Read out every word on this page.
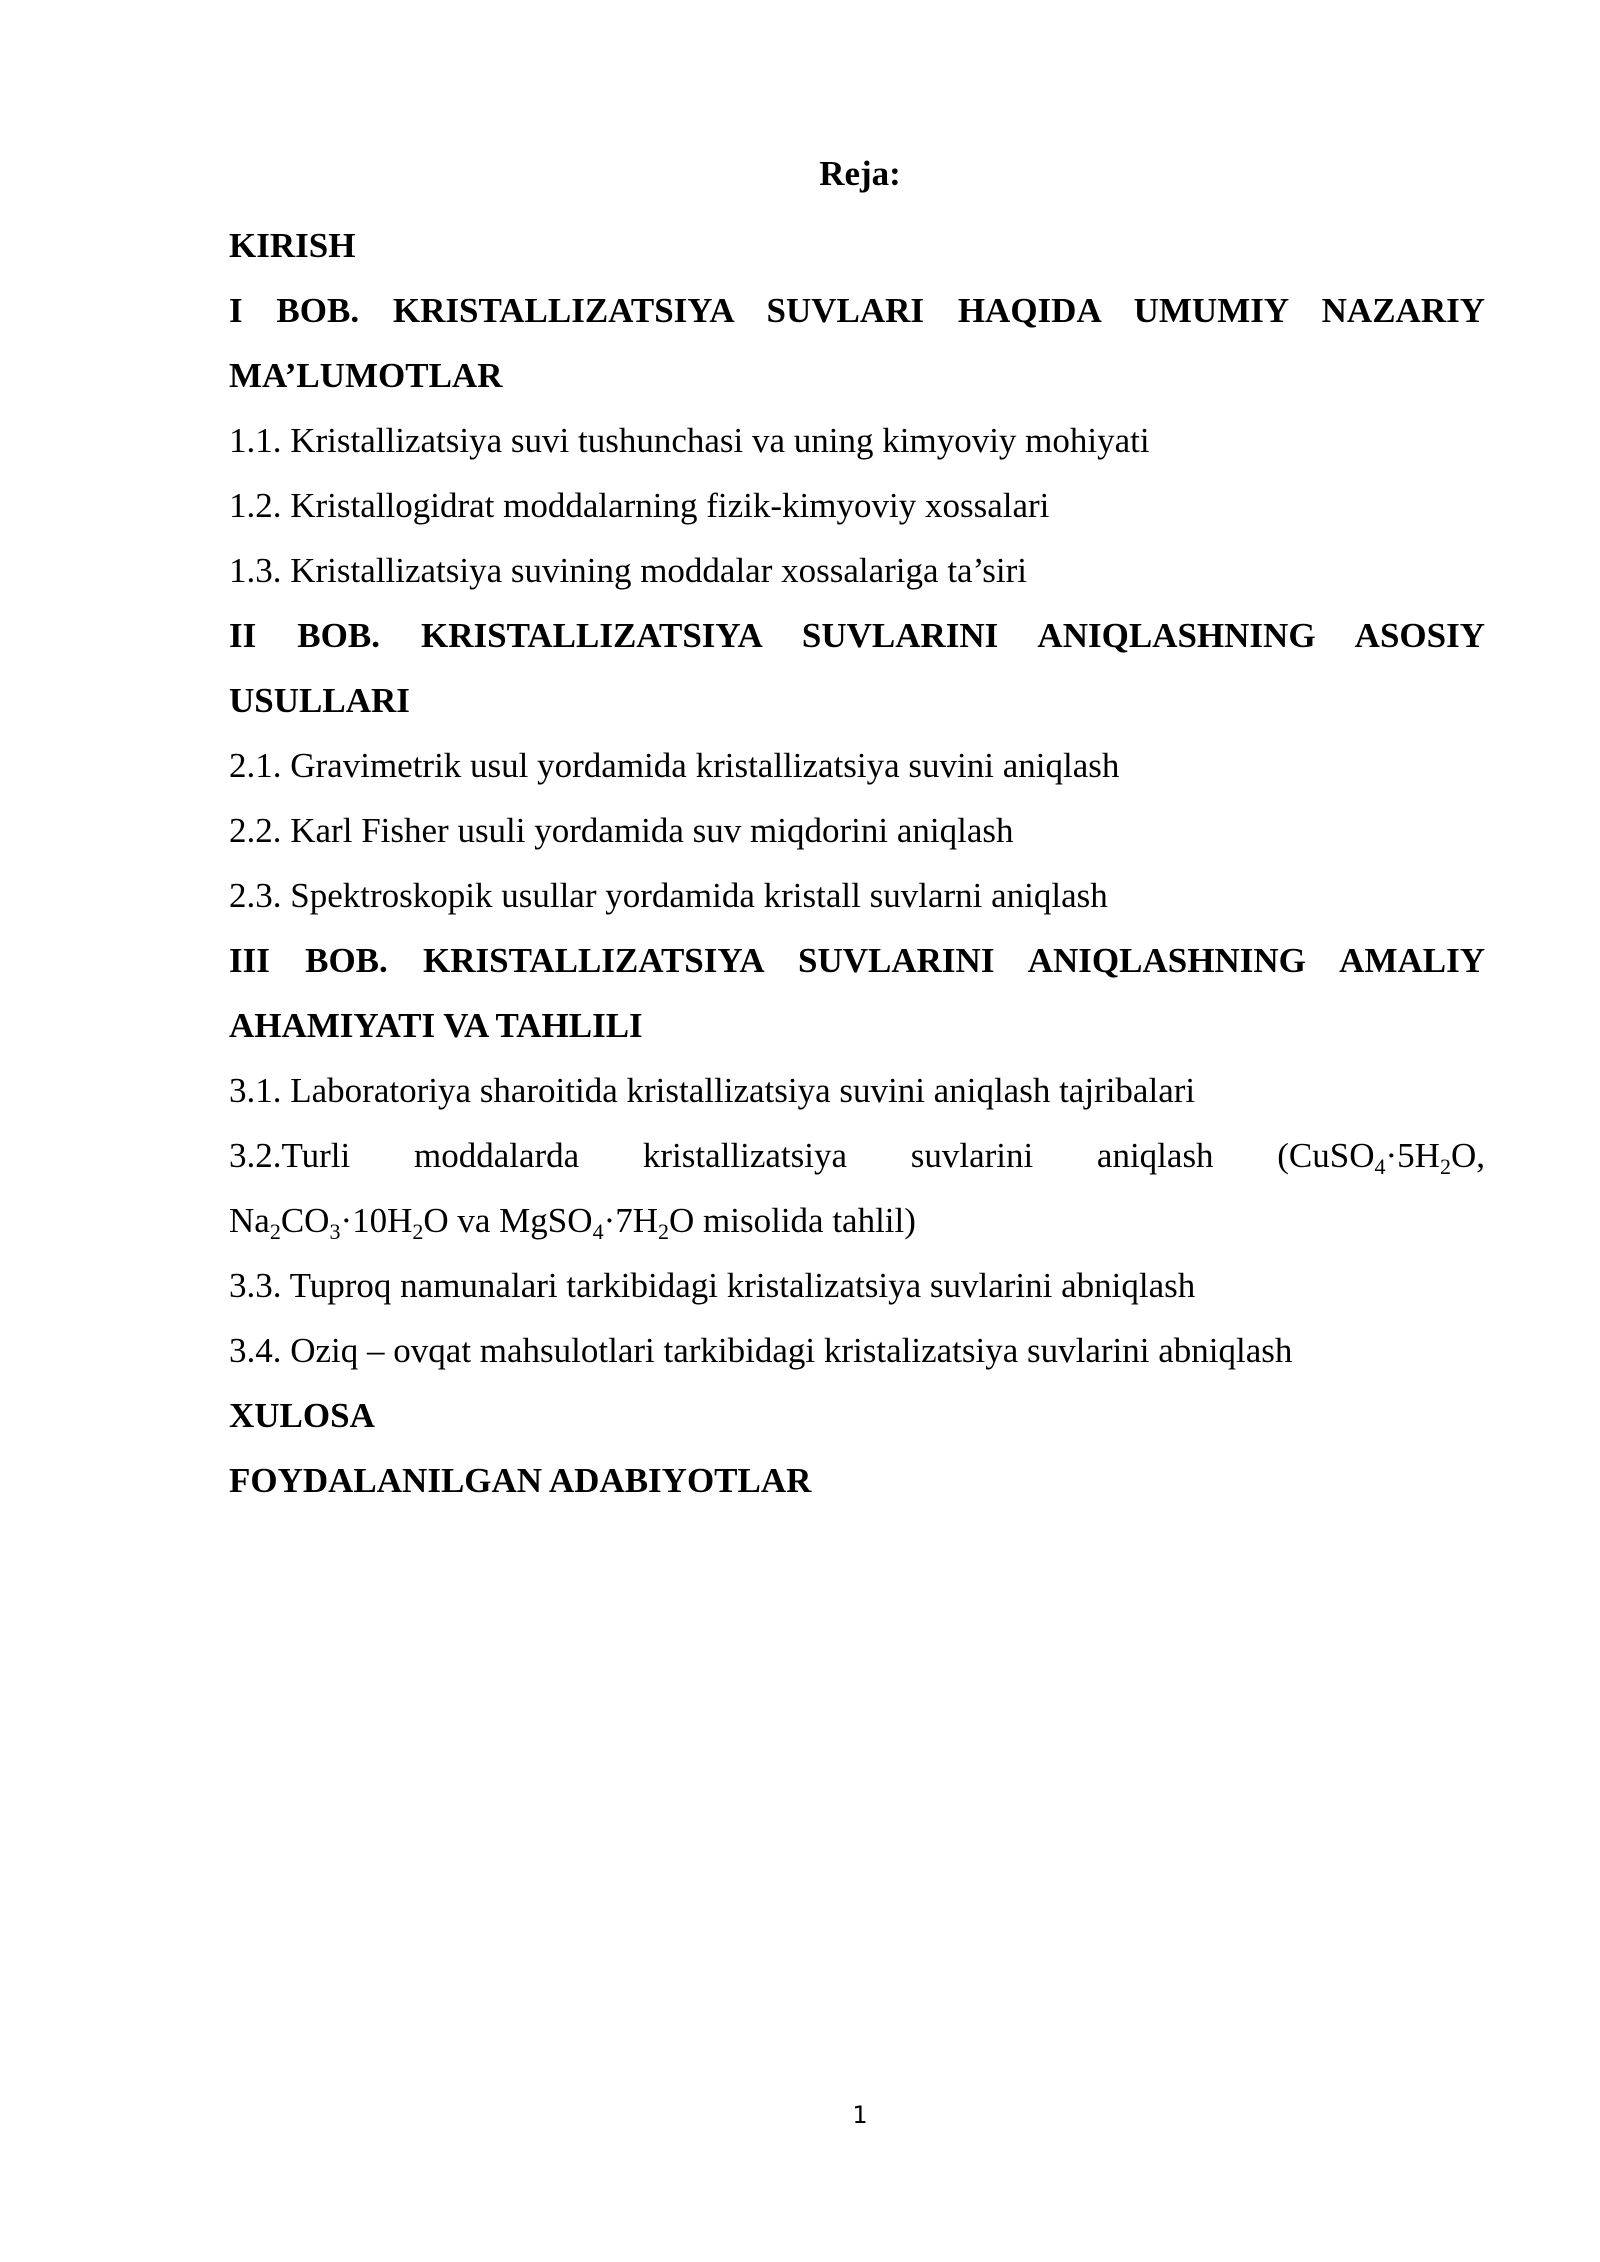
Reja:
KIRISH
I BOB. KRISTALLIZATSIYA SUVLARI HAQIDA UMUMIY NAZARIY
MA’LUMOTLAR
1.1. Kristallizatsiya suvi tushunchasi va uning kimyoviy mohiyati
1.2. Kristallogidrat moddalarning fizik-kimyoviy xossalari
1.3. Kristallizatsiya suvining moddalar xossalariga ta’siri
II BOB. KRISTALLIZATSIYA SUVLARINI ANIQLASHNING ASOSIY
USULLARI
2.1. Gravimetrik usul yordamida kristallizatsiya suvini aniqlash
2.2. Karl Fisher usuli yordamida suv miqdorini aniqlash
2.3. Spektroskopik usullar yordamida kristall suvlarni aniqlash
III BOB. KRISTALLIZATSIYA SUVLARINI ANIQLASHNING AMALIY
AHAMIYATI VA TAHLILI
3.1. Laboratoriya sharoitida kristallizatsiya suvini aniqlash tajribalari
3.2.Turli moddalarda kristallizatsiya suvlarini aniqlash ($CuSO_4\cdot 5H_2O$,
$Na_2CO_3\cdot 10H_2O$ va $MgSO_4\cdot 7H_2O$ misolida tahlil)
3.3. Tuproq namunalari tarkibidagi kristalizatsiya suvlarini abniqlash
3.4. Oziq – ovqat mahsulotlari tarkibidagi kristalizatsiya suvlarini abniqlash
XULOSA
FOYDALANILGAN ADABIYOTLAR
1
